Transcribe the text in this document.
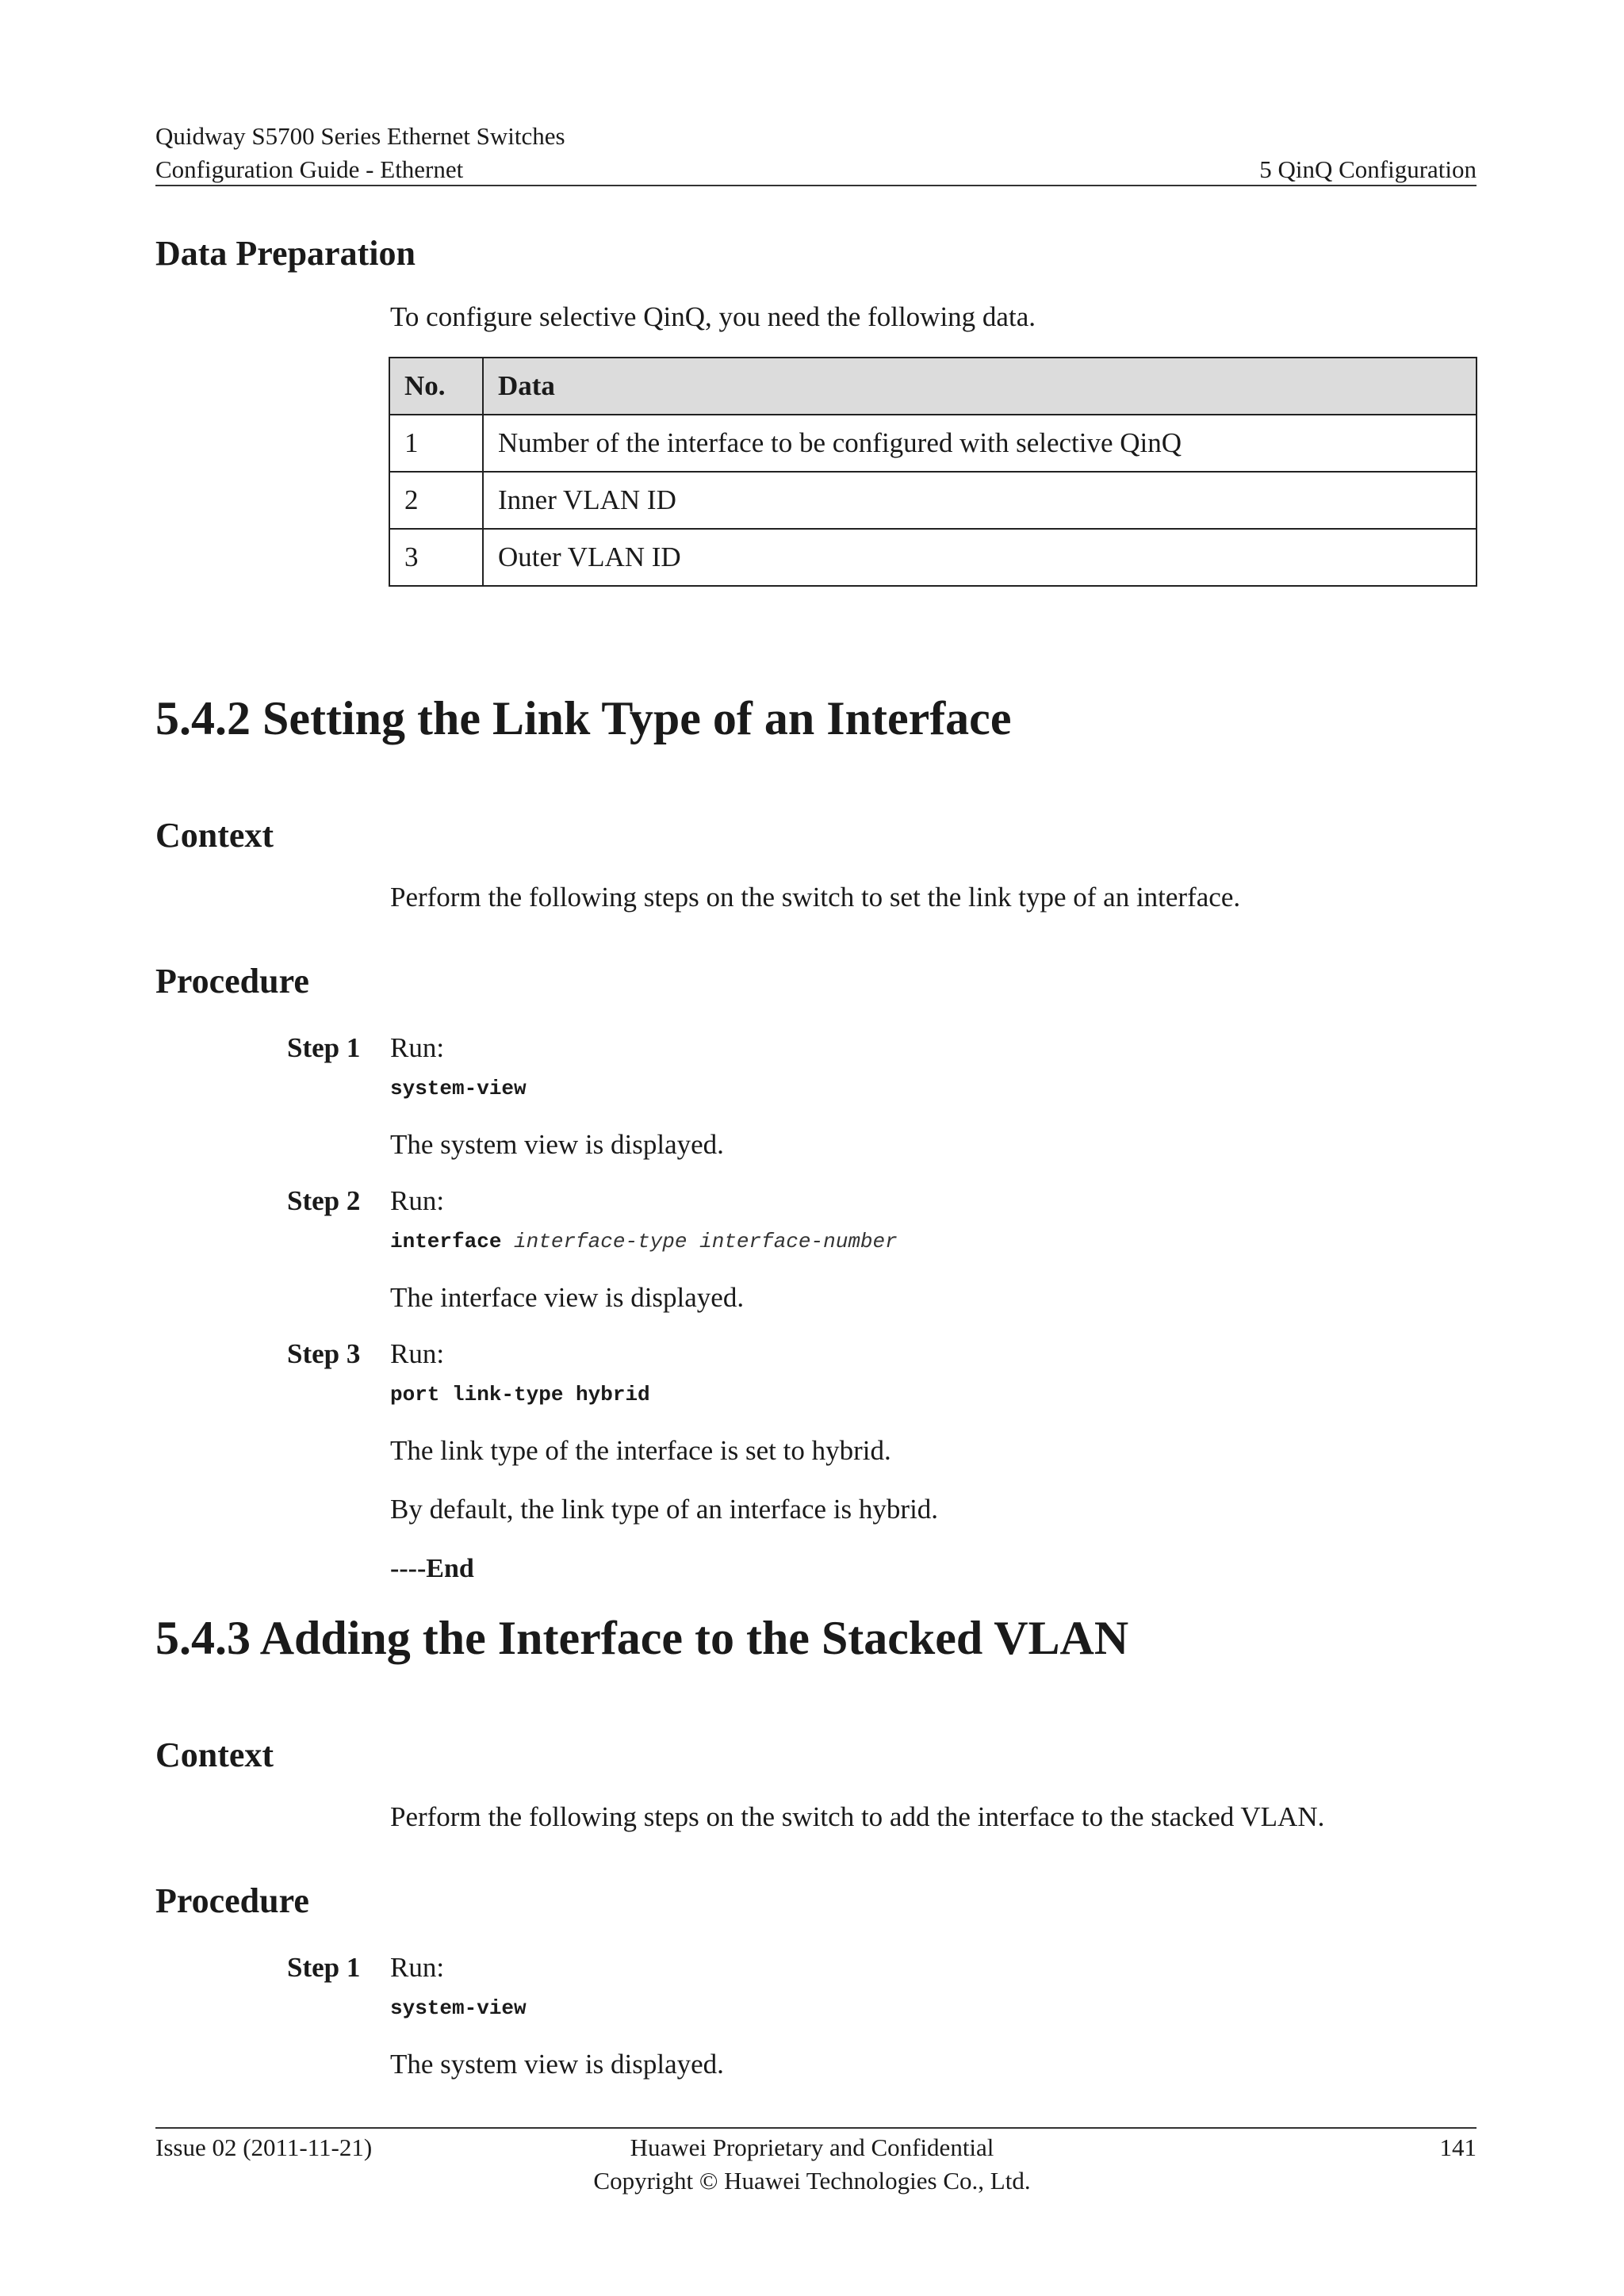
Quidway S5700 Series Ethernet Switches
Configuration Guide - Ethernet	5 QinQ Configuration
Data Preparation
To configure selective QinQ, you need the following data.
No.	Data
1	Number of the interface to be configured with selective QinQ
2	Inner VLAN ID
3	Outer VLAN ID
5.4.2 Setting the Link Type of an Interface
Context
Perform the following steps on the switch to set the link type of an interface.
Procedure
Step 1 Run:
system-view
The system view is displayed.
Step 2 Run:
interface interface-type interface-number
The interface view is displayed.
Step 3 Run:
port link-type hybrid
The link type of the interface is set to hybrid.
By default, the link type of an interface is hybrid.
----End
5.4.3 Adding the Interface to the Stacked VLAN
Context
Perform the following steps on the switch to add the interface to the stacked VLAN.
Procedure
Step 1 Run:
system-view
The system view is displayed.
Issue 02 (2011-11-21)	Huawei Proprietary and Confidential
Copyright © Huawei Technologies Co., Ltd.
141
